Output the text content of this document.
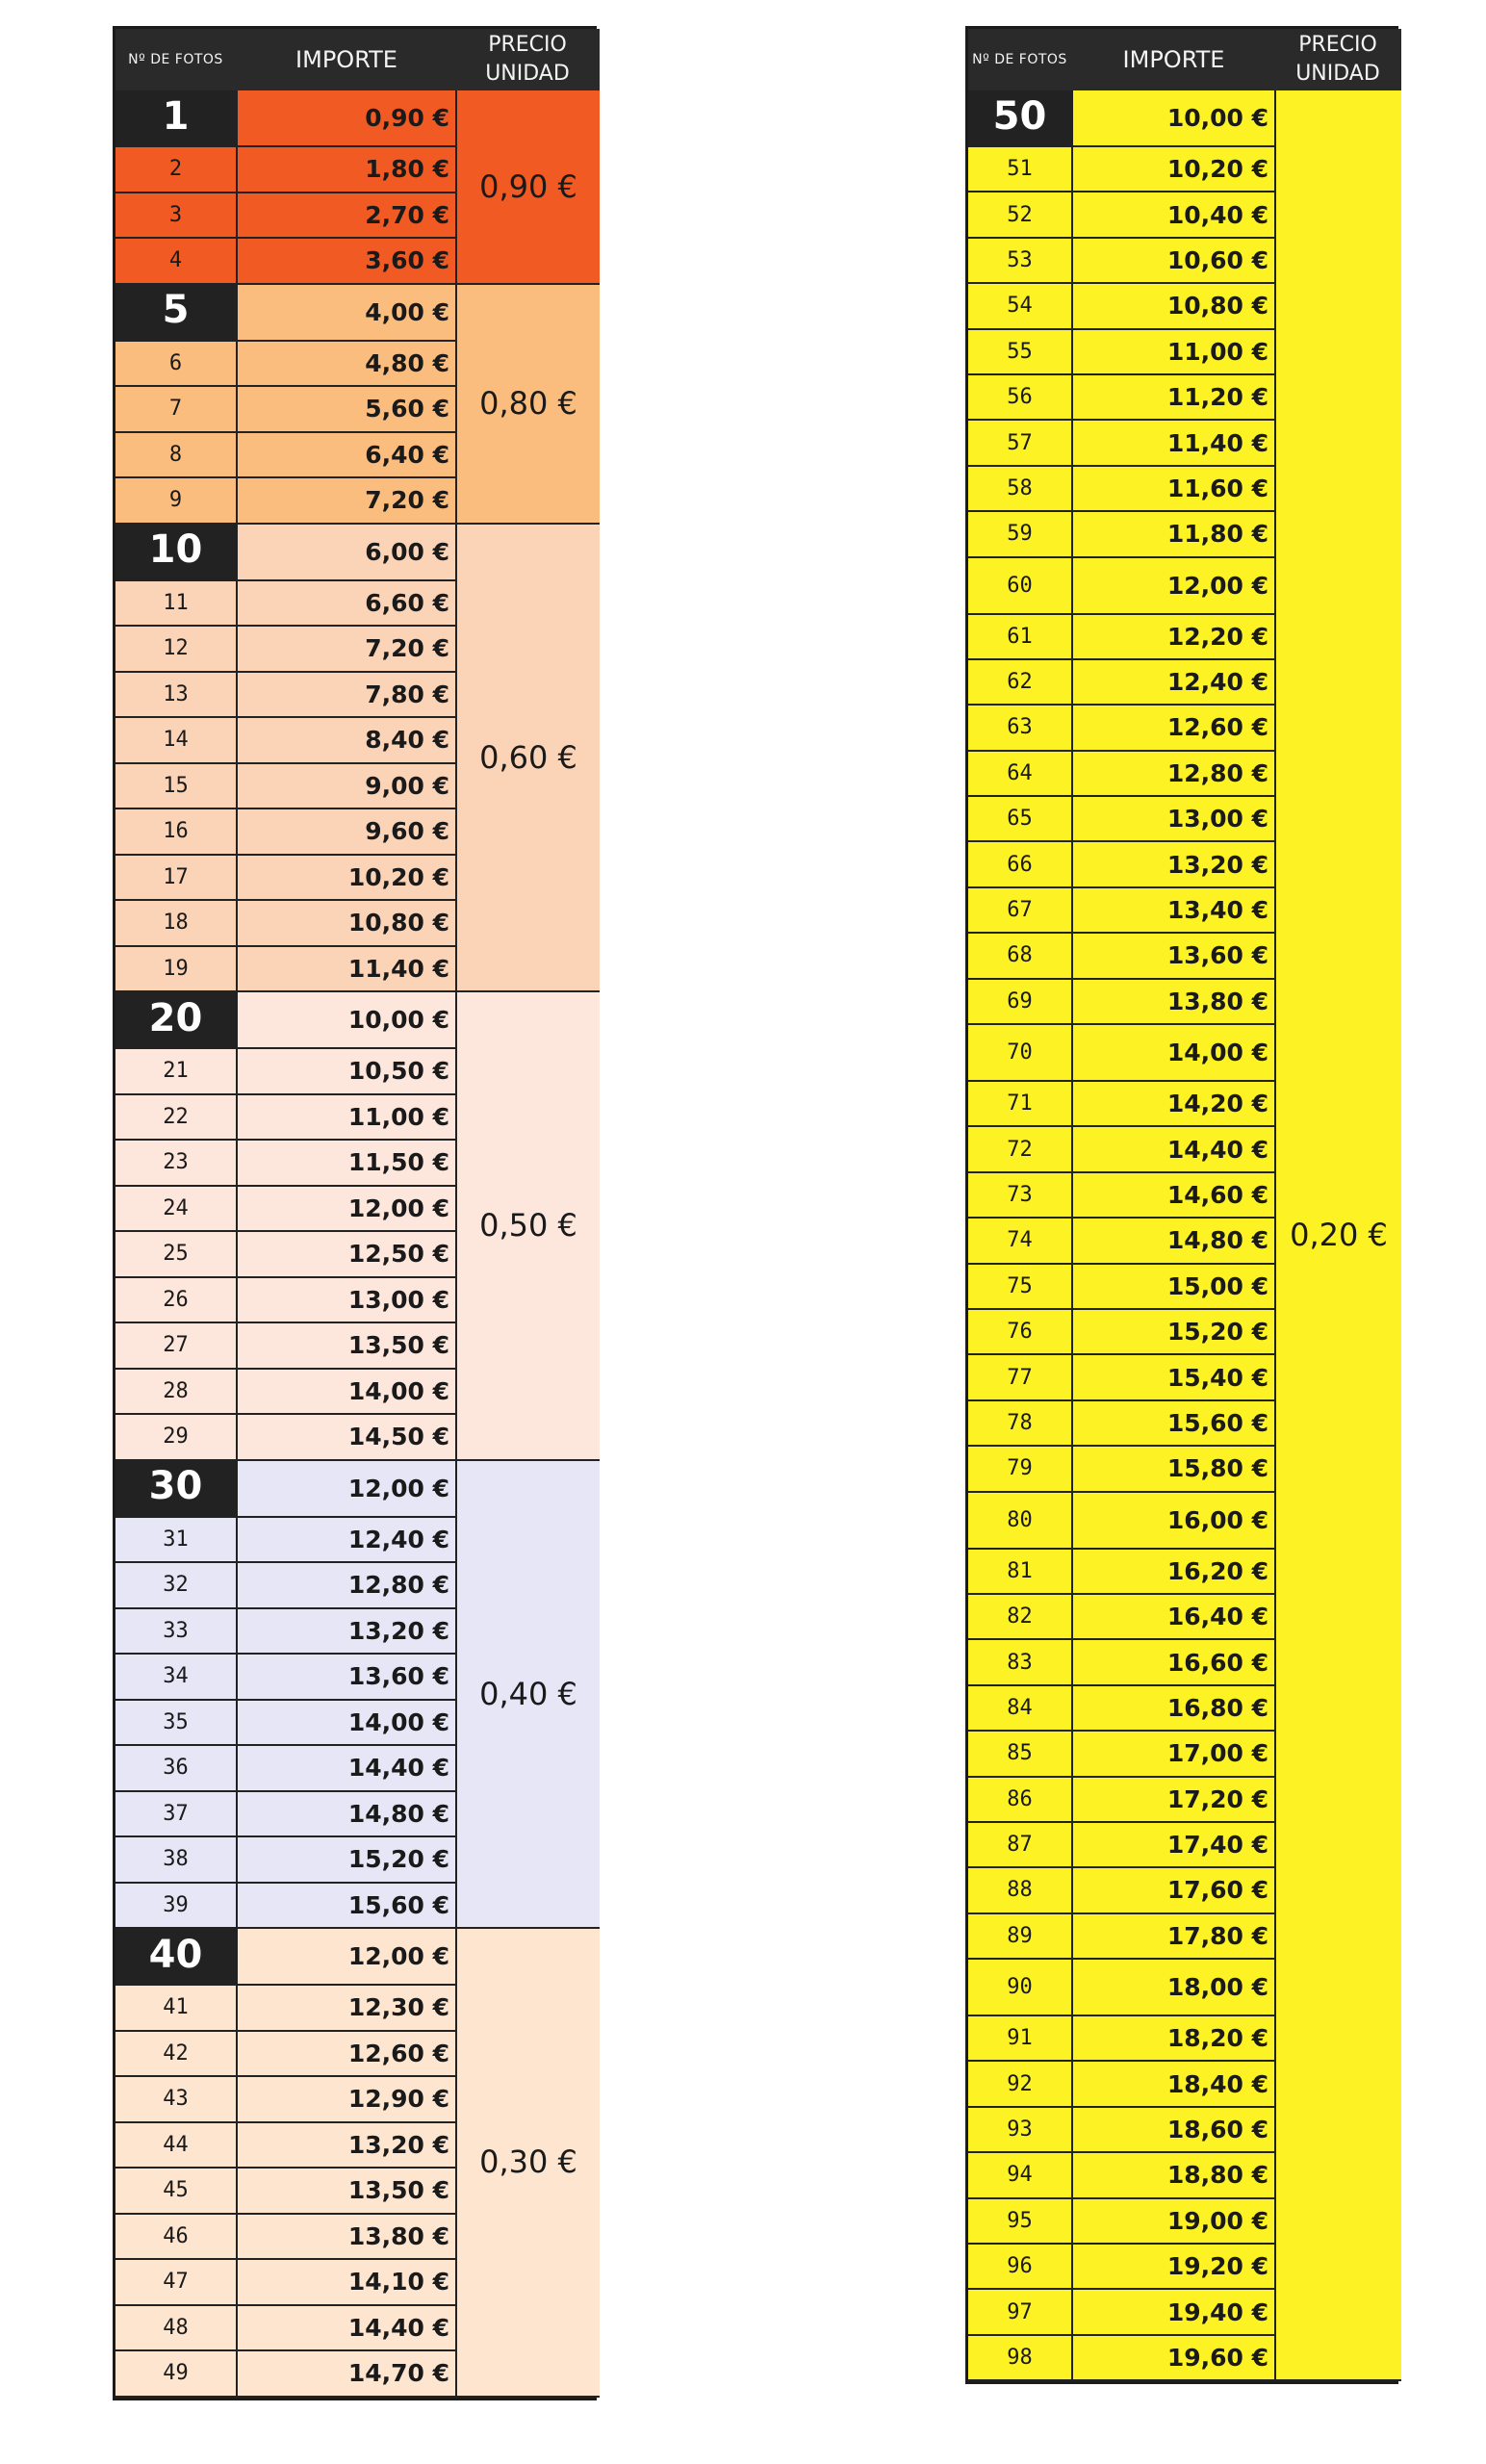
Nº DE FOTOS	IMPORTE
PRECIO
UNIDAD
1	0,90 €
2	1,80 €
3	2,70 €
4	3,60 €
0,90 €
5	4,00 €
6	4,80 €
7	5,60 €
8	6,40 €
9	7,20 €
0,80 €
10	6,00 €
11	6,60 €
12	7,20 €
13	7,80 €
14	8,40 €
15	9,00 €
16	9,60 €
17	10,20 €
18	10,80 €
19	11,40 €
0,60 €
20	10,00 €
21	10,50 €
22	11,00 €
23	11,50 €
24	12,00 €
25	12,50 €
26	13,00 €
27	13,50 €
28	14,00 €
29	14,50 €
0,50 €
30	12,00 €
31	12,40 €
32	12,80 €
33	13,20 €
34	13,60 €
35	14,00 €
36	14,40 €
37	14,80 €
38	15,20 €
39	15,60 €
0,40 €
40	12,00 €
41	12,30 €
42	12,60 €
43	12,90 €
44	13,20 €
45	13,50 €
46	13,80 €
47	14,10 €
48	14,40 €
49	14,70 €
0,30 €
Nº DE FOTOS	IMPORTE
PRECIO
UNIDAD
50	10,00 €
51	10,20 €
52	10,40 €
53	10,60 €
54	10,80 €
55	11,00 €
56	11,20 €
57	11,40 €
58	11,60 €
59	11,80 €
60	12,00 €
61	12,20 €
62	12,40 €
63	12,60 €
64	12,80 €
65	13,00 €
66	13,20 €
67	13,40 €
68	13,60 €
69	13,80 €
70	14,00 €
71	14,20 €
72	14,40 €
73	14,60 €
74	14,80 €
75	15,00 €
76	15,20 €
77	15,40 €
78	15,60 €
79	15,80 €
80	16,00 €
81	16,20 €
82	16,40 €
83	16,60 €
84	16,80 €
85	17,00 €
86	17,20 €
87	17,40 €
88	17,60 €
89	17,80 €
90	18,00 €
91	18,20 €
92	18,40 €
93	18,60 €
94	18,80 €
95	19,00 €
96	19,20 €
97	19,40 €
98	19,60 €
0,20 €
